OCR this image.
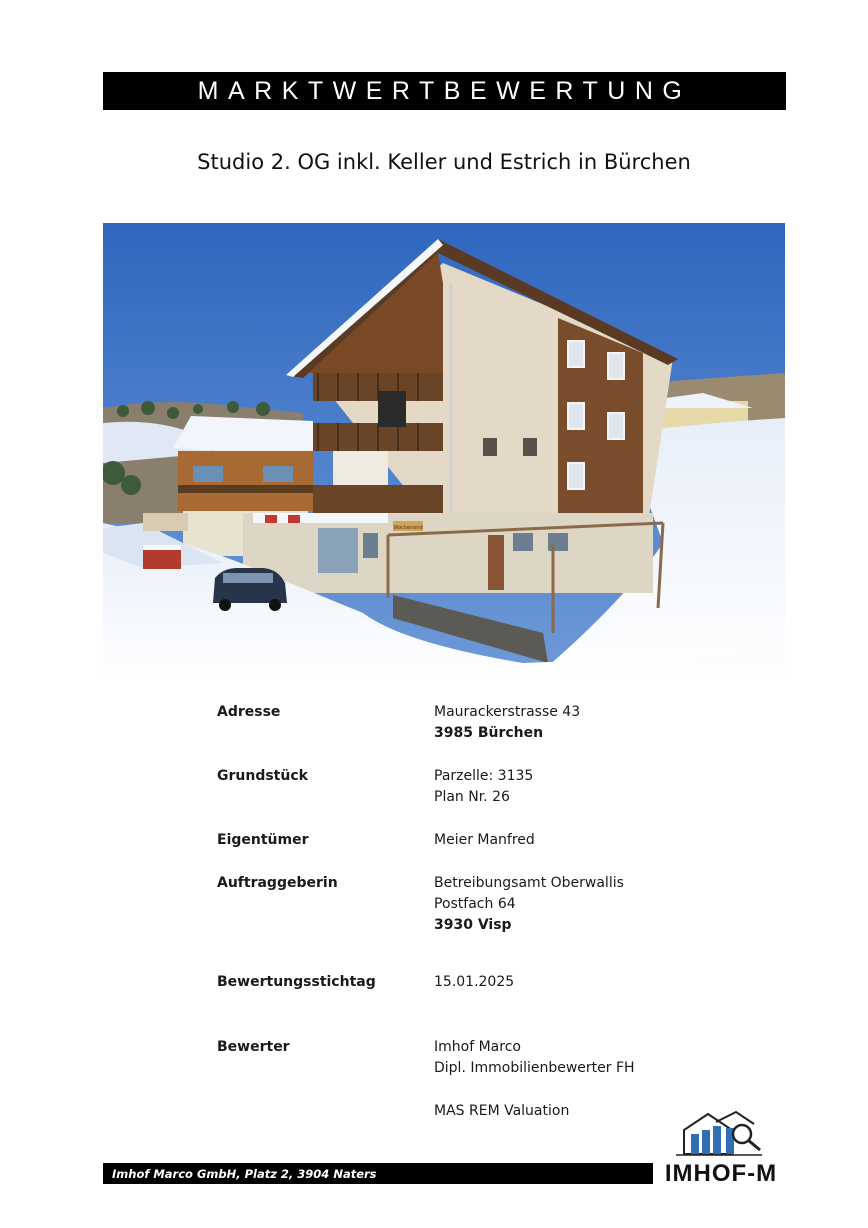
MARKTWERTBEWERTUNG
Studio 2. OG inkl. Keller und Estrich in Bürchen
Wochenend
Adresse	Maurackerstrasse 43
3985 Bürchen
Grundstück	Parzelle: 3135
Plan Nr. 26
Eigentümer	Meier Manfred
Auftraggeberin	Betreibungsamt Oberwallis
Postfach 64
3930 Visp
Bewertungsstichtag	15.01.2025
Bewerter	Imhof Marco
Dipl. Immobilienbewerter FH
MAS REM Valuation
Imhof Marco GmbH, Platz 2, 3904 Naters	IMHOF-M
